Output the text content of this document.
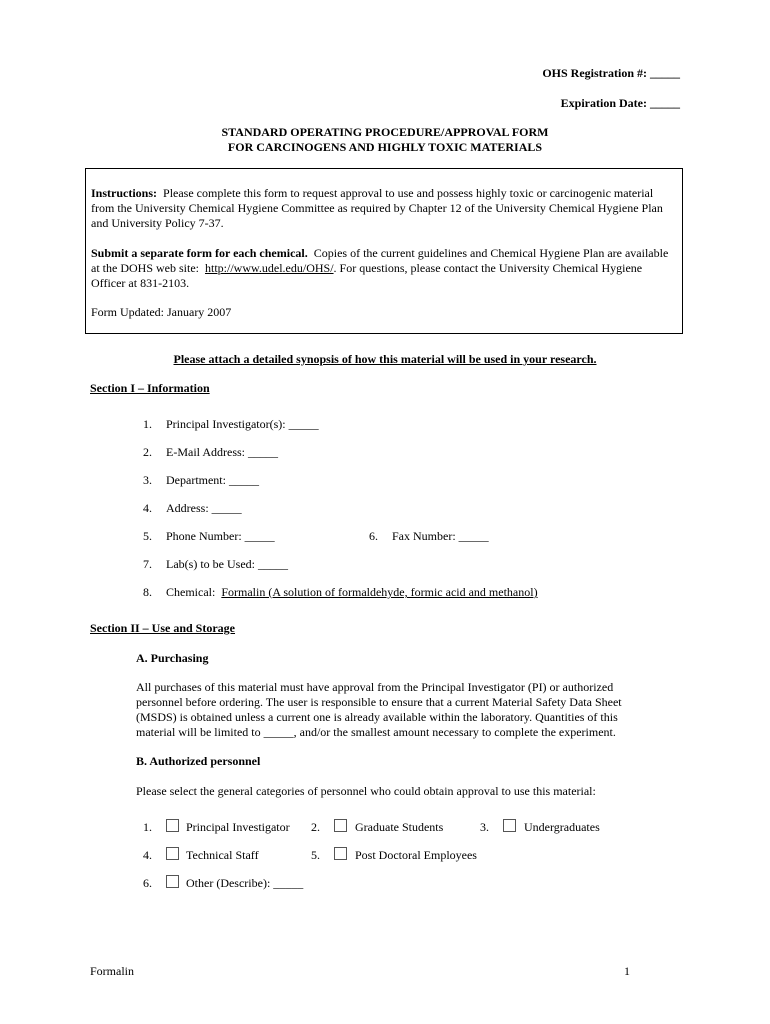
OHS Registration #: _____
Expiration Date: _____
STANDARD OPERATING PROCEDURE/APPROVAL FORM
FOR CARCINOGENS AND HIGHLY TOXIC MATERIALS

Instructions: Please complete this form to request approval to use and possess highly toxic or carcinogenic material from the University Chemical Hygiene Committee as required by Chapter 12 of the University Chemical Hygiene Plan and University Policy 7-37.

Submit a separate form for each chemical. Copies of the current guidelines and Chemical Hygiene Plan are available at the DOHS web site: http://www.udel.edu/OHS/. For questions, please contact the University Chemical Hygiene Officer at 831-2103.

Form Updated: January 2007

Please attach a detailed synopsis of how this material will be used in your research.
Section I – Information
1. Principal Investigator(s): _____
2. E-Mail Address: _____
3. Department: _____
4. Address: _____
5. Phone Number: _____	6. Fax Number: _____
7. Lab(s) to be Used: _____
8. Chemical: Formalin (A solution of formaldehyde, formic acid and methanol)
Section II – Use and Storage
A. Purchasing

All purchases of this material must have approval from the Principal Investigator (PI) or authorized personnel before ordering. The user is responsible to ensure that a current Material Safety Data Sheet (MSDS) is obtained unless a current one is already available within the laboratory. Quantities of this material will be limited to _____, and/or the smallest amount necessary to complete the experiment.

B. Authorized personnel
Please select the general categories of personnel who could obtain approval to use this material:
1.	Principal Investigator 2.	Graduate Students	3.	Undergraduates
4.	Technical Staff	5.	Post Doctoral Employees
6.	Other (Describe): _____
Formalin	1
